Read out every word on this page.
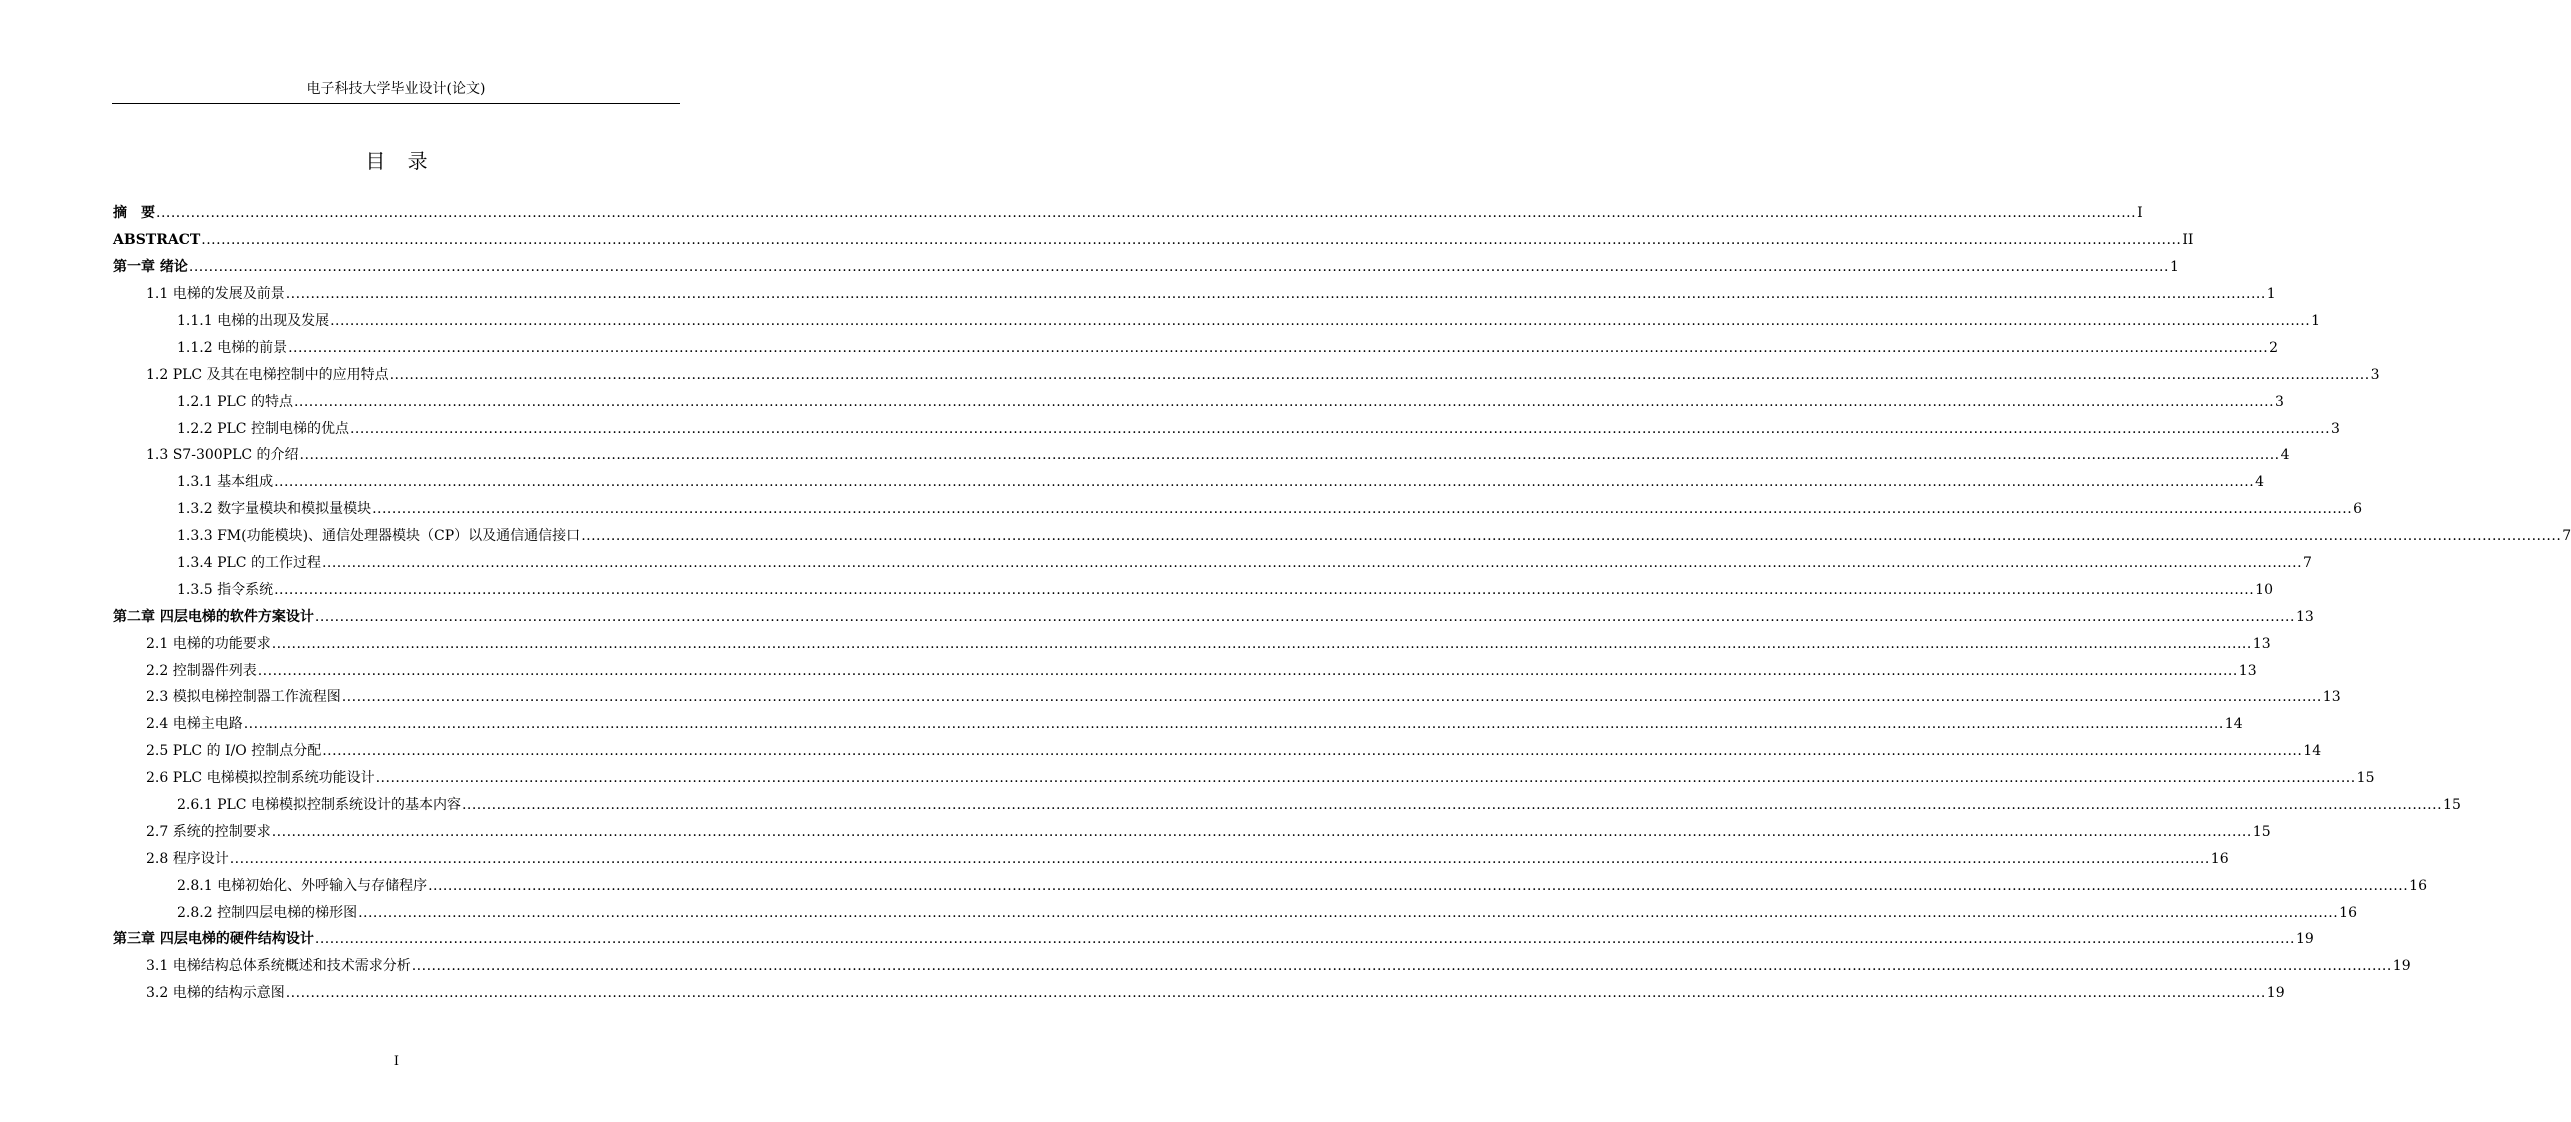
电子科技大学毕业设计(论文)
目 录
摘　要 ................................................................................................................................................................................................................................................................................................................................................................................................................ I
ABSTRACT ................................................................................................................................................................................................................................................................................................................................................................................................................ II
第一章 绪论 ................................................................................................................................................................................................................................................................................................................................................................................................................ 1
1.1 电梯的发展及前景 ................................................................................................................................................................................................................................................................................................................................................................................................................ 1
1.1.1 电梯的出现及发展 ................................................................................................................................................................................................................................................................................................................................................................................................................ 1
1.1.2 电梯的前景 ................................................................................................................................................................................................................................................................................................................................................................................................................ 2
1.2 PLC 及其在电梯控制中的应用特点 ................................................................................................................................................................................................................................................................................................................................................................................................................ 3
1.2.1 PLC 的特点 ................................................................................................................................................................................................................................................................................................................................................................................................................ 3
1.2.2 PLC 控制电梯的优点 ................................................................................................................................................................................................................................................................................................................................................................................................................ 3
1.3 S7-300PLC 的介绍 ................................................................................................................................................................................................................................................................................................................................................................................................................ 4
1.3.1 基本组成 ................................................................................................................................................................................................................................................................................................................................................................................................................ 4
1.3.2 数字量模块和模拟量模块 ................................................................................................................................................................................................................................................................................................................................................................................................................ 6
1.3.3 FM(功能模块)、通信处理器模块（CP）以及通信通信接口 ................................................................................................................................................................................................................................................................................................................................................................................................................ 7
1.3.4 PLC 的工作过程 ................................................................................................................................................................................................................................................................................................................................................................................................................ 7
1.3.5 指令系统 ................................................................................................................................................................................................................................................................................................................................................................................................................ 10
第二章 四层电梯的软件方案设计 ................................................................................................................................................................................................................................................................................................................................................................................................................ 13
2.1 电梯的功能要求 ................................................................................................................................................................................................................................................................................................................................................................................................................ 13
2.2 控制器件列表 ................................................................................................................................................................................................................................................................................................................................................................................................................ 13
2.3 模拟电梯控制器工作流程图 ................................................................................................................................................................................................................................................................................................................................................................................................................ 13
2.4 电梯主电路 ................................................................................................................................................................................................................................................................................................................................................................................................................ 14
2.5 PLC 的 I/O 控制点分配 ................................................................................................................................................................................................................................................................................................................................................................................................................ 14
2.6 PLC 电梯模拟控制系统功能设计 ................................................................................................................................................................................................................................................................................................................................................................................................................ 15
2.6.1 PLC 电梯模拟控制系统设计的基本内容 ................................................................................................................................................................................................................................................................................................................................................................................................................ 15
2.7 系统的控制要求 ................................................................................................................................................................................................................................................................................................................................................................................................................ 15
2.8 程序设计 ................................................................................................................................................................................................................................................................................................................................................................................................................ 16
2.8.1 电梯初始化、外呼输入与存储程序 ................................................................................................................................................................................................................................................................................................................................................................................................................ 16
2.8.2 控制四层电梯的梯形图 ................................................................................................................................................................................................................................................................................................................................................................................................................ 16
第三章 四层电梯的硬件结构设计 ................................................................................................................................................................................................................................................................................................................................................................................................................ 19
3.1 电梯结构总体系统概述和技术需求分析 ................................................................................................................................................................................................................................................................................................................................................................................................................ 19
3.2 电梯的结构示意图 ................................................................................................................................................................................................................................................................................................................................................................................................................ 19
I
